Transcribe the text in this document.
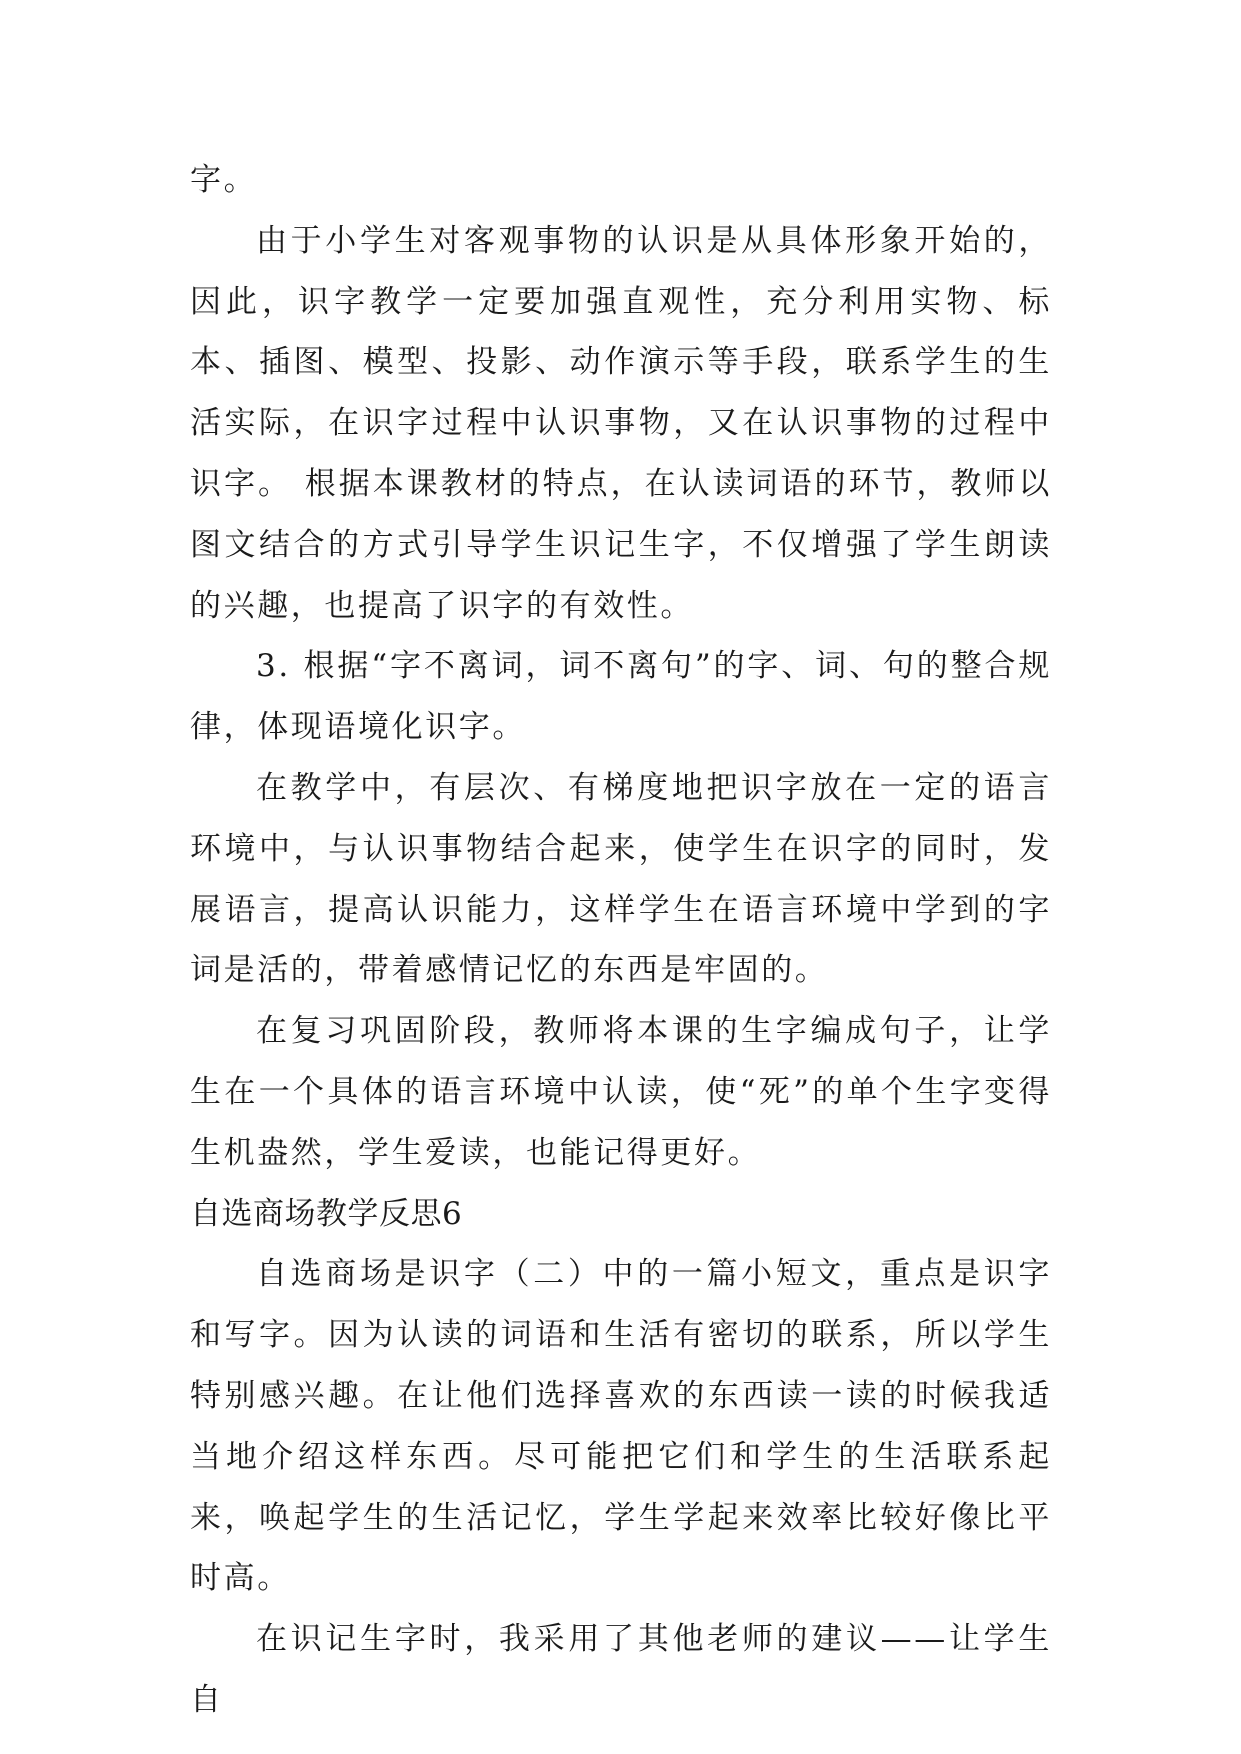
字。

由于小学生对客观事物的认识是从具体形象开始的，因此，识字教学一定要加强直观性，充分利用实物、标本、插图、模型、投影、动作演示等手段，联系学生的生活实际，在识字过程中认识事物，又在认识事物的过程中识字。 根据本课教材的特点，在认读词语的环节，教师以图文结合的方式引导学生识记生字，不仅增强了学生朗读的兴趣，也提高了识字的有效性。

3. 根据“字不离词，词不离句”的字、词、句的整合规律，体现语境化识字。

在教学中，有层次、有梯度地把识字放在一定的语言环境中，与认识事物结合起来，使学生在识字的同时，发展语言，提高认识能力，这样学生在语言环境中学到的字词是活的，带着感情记忆的东西是牢固的。

在复习巩固阶段，教师将本课的生字编成句子，让学生在一个具体的语言环境中认读，使“死”的单个生字变得生机盎然，学生爱读，也能记得更好。

自选商场教学反思6

自选商场是识字（二）中的一篇小短文，重点是识字和写字。因为认读的词语和生活有密切的联系，所以学生特别感兴趣。在让他们选择喜欢的东西读一读的时候我适当地介绍这样东西。尽可能把它们和学生的生活联系起来，唤起学生的生活记忆，学生学起来效率比较好像比平时高。

在识记生字时，我采用了其他老师的建议——让学生自
